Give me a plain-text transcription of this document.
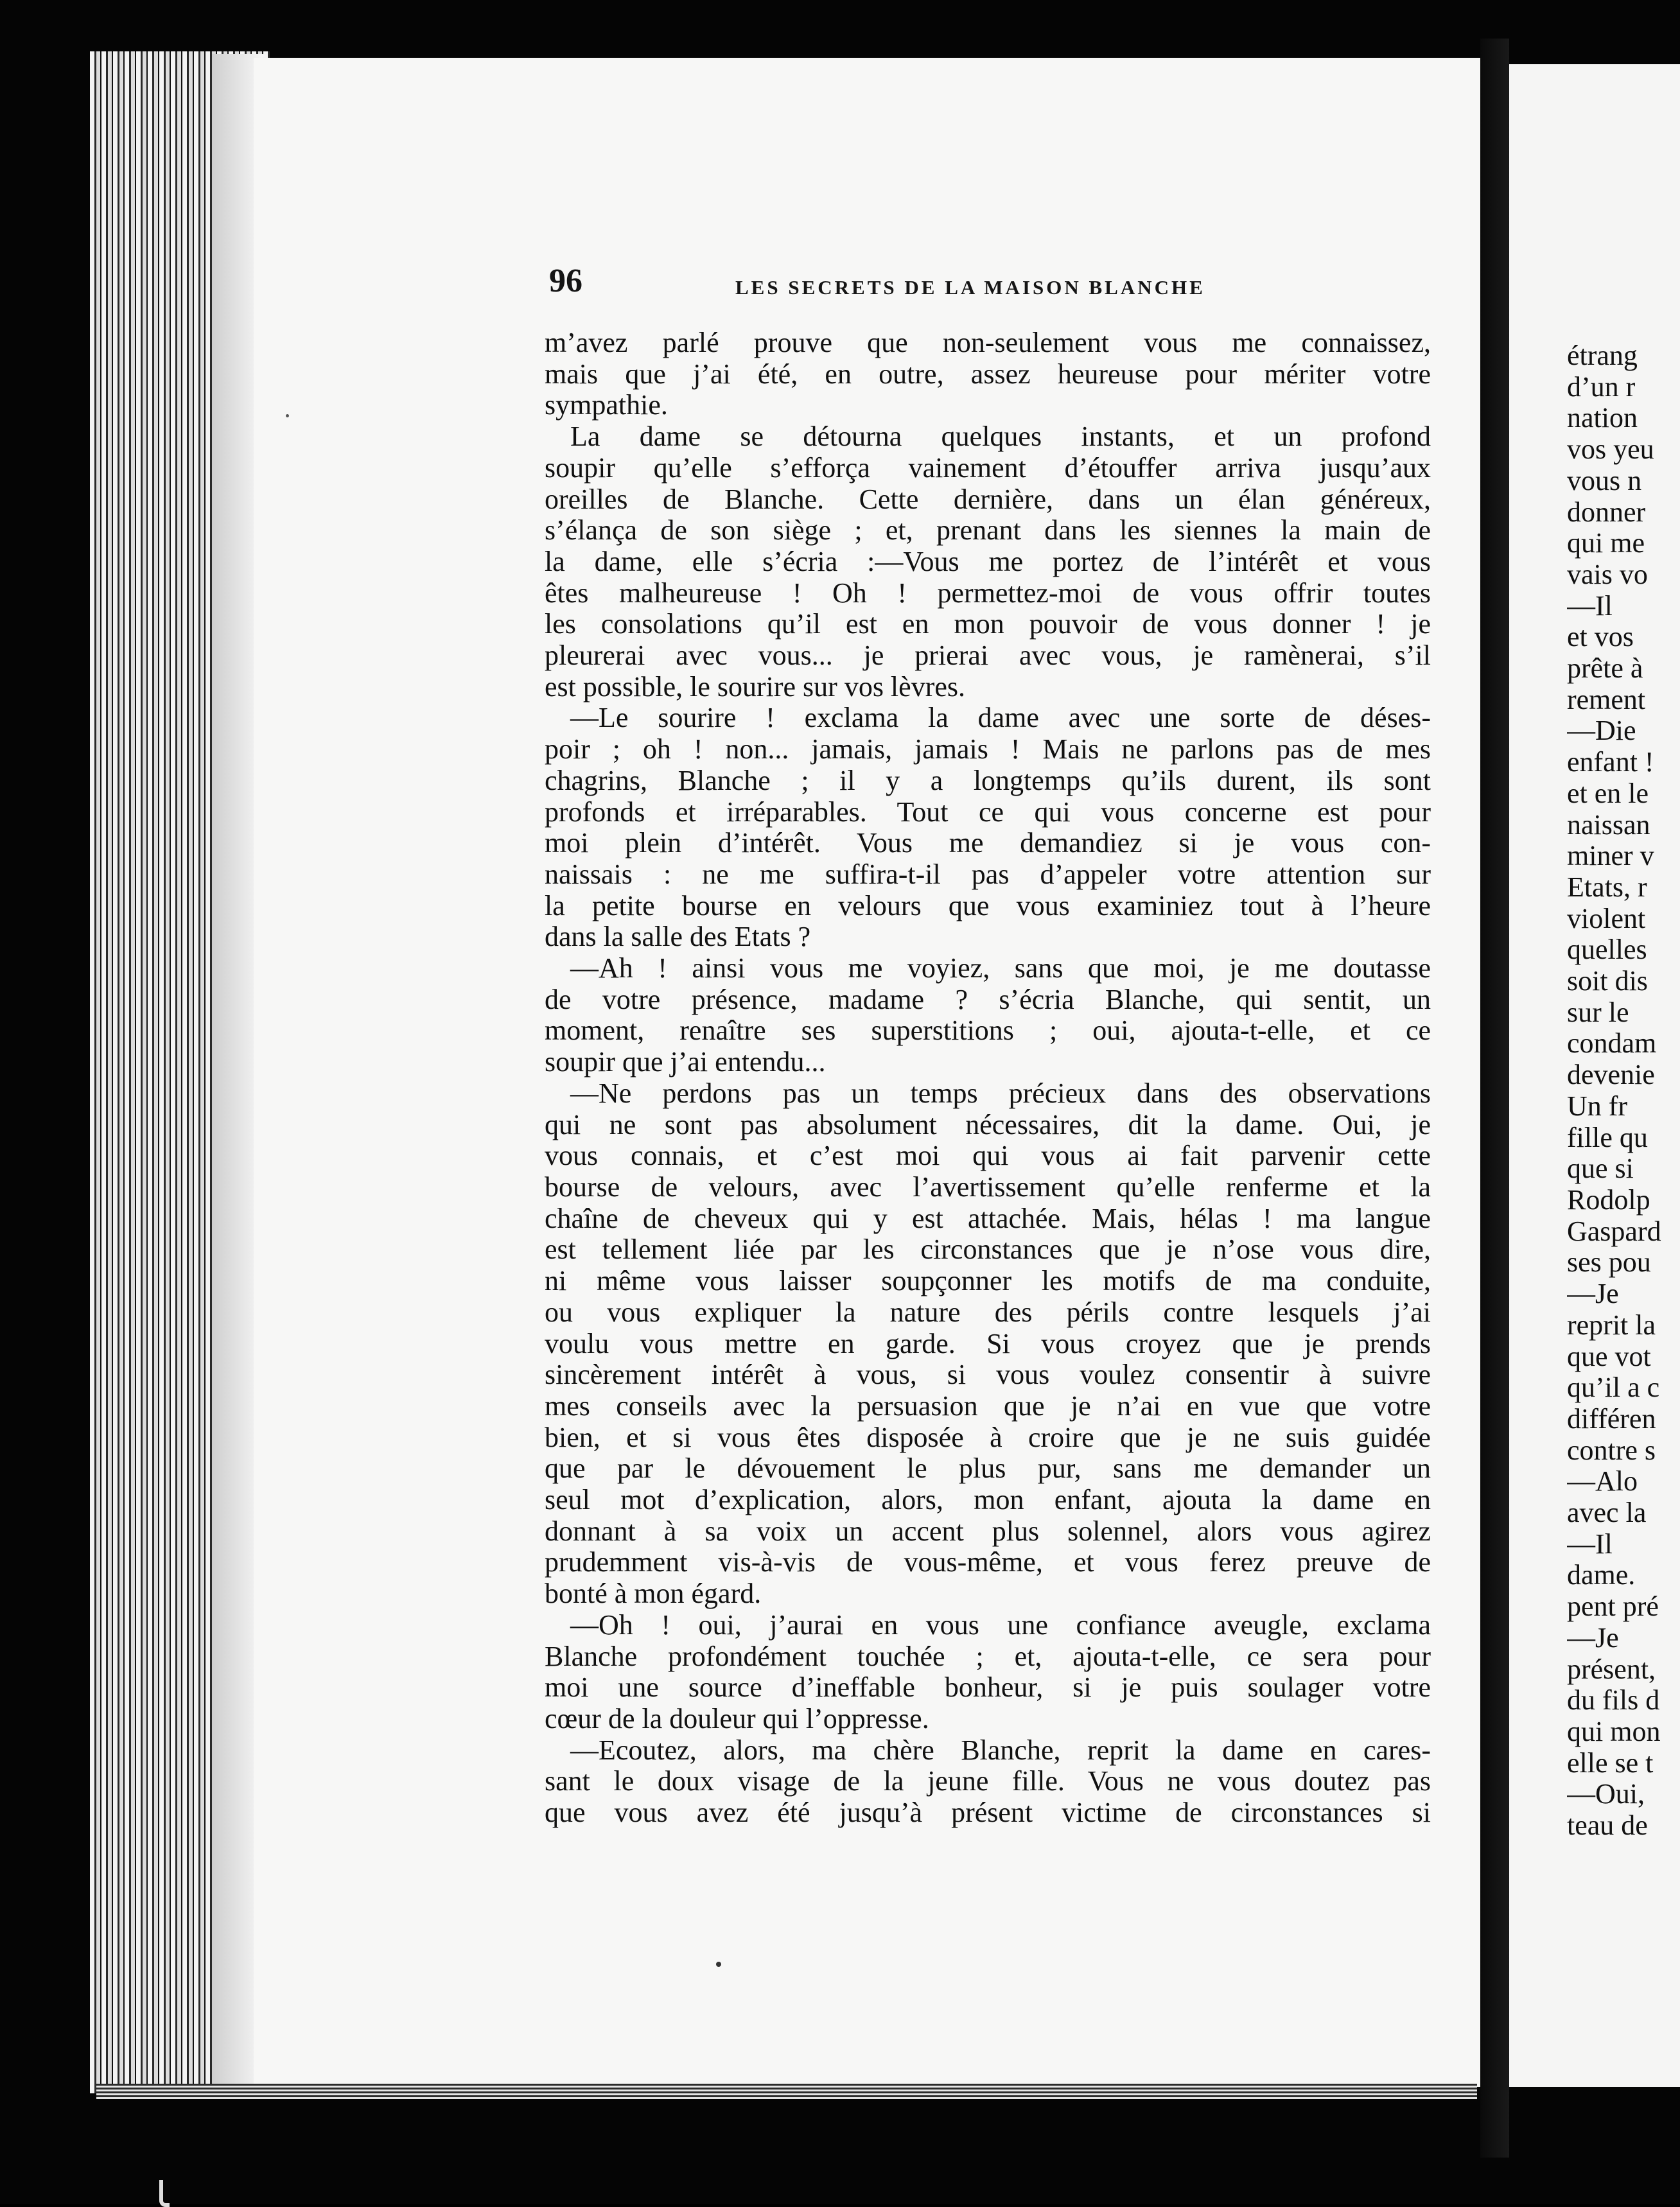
96	LES SECRETS DE LA MAISON BLANCHE
m’avez parlé prouve que non-seulement vous me connaissez,
mais que j’ai été, en outre, assez heureuse pour mériter votre
sympathie.
La dame se détourna quelques instants, et un profond
soupir qu’elle s’efforça vainement d’étouffer arriva jusqu’aux
oreilles de Blanche. Cette dernière, dans un élan généreux,
s’élança de son siège ; et, prenant dans les siennes la main de
la dame, elle s’écria :—Vous me portez de l’intérêt et vous
êtes malheureuse ! Oh ! permettez-moi de vous offrir toutes
les consolations qu’il est en mon pouvoir de vous donner ! je
pleurerai avec vous... je prierai avec vous, je ramènerai, s’il
est possible, le sourire sur vos lèvres.
—Le sourire ! exclama la dame avec une sorte de déses-
poir ; oh ! non... jamais, jamais ! Mais ne parlons pas de mes
chagrins, Blanche ; il y a longtemps qu’ils durent, ils sont
profonds et irréparables. Tout ce qui vous concerne est pour
moi plein d’intérêt. Vous me demandiez si je vous con-
naissais : ne me suffira-t-il pas d’appeler votre attention sur
la petite bourse en velours que vous examiniez tout à l’heure
dans la salle des Etats ?
—Ah ! ainsi vous me voyiez, sans que moi, je me doutasse
de votre présence, madame ? s’écria Blanche, qui sentit, un
moment, renaître ses superstitions ; oui, ajouta-t-elle, et ce
soupir que j’ai entendu...
—Ne perdons pas un temps précieux dans des observations
qui ne sont pas absolument nécessaires, dit la dame. Oui, je
vous connais, et c’est moi qui vous ai fait parvenir cette
bourse de velours, avec l’avertissement qu’elle renferme et la
chaîne de cheveux qui y est attachée. Mais, hélas ! ma langue
est tellement liée par les circonstances que je n’ose vous dire,
ni même vous laisser soupçonner les motifs de ma conduite,
ou vous expliquer la nature des périls contre lesquels j’ai
voulu vous mettre en garde. Si vous croyez que je prends
sincèrement intérêt à vous, si vous voulez consentir à suivre
mes conseils avec la persuasion que je n’ai en vue que votre
bien, et si vous êtes disposée à croire que je ne suis guidée
que par le dévouement le plus pur, sans me demander un
seul mot d’explication, alors, mon enfant, ajouta la dame en
donnant à sa voix un accent plus solennel, alors vous agirez
prudemment vis-à-vis de vous-même, et vous ferez preuve de
bonté à mon égard.
—Oh ! oui, j’aurai en vous une confiance aveugle, exclama
Blanche profondément touchée ; et, ajouta-t-elle, ce sera pour
moi une source d’ineffable bonheur, si je puis soulager votre
cœur de la douleur qui l’oppresse.
—Ecoutez, alors, ma chère Blanche, reprit la dame en cares-
sant le doux visage de la jeune fille. Vous ne vous doutez pas
que vous avez été jusqu’à présent victime de circonstances si
étrang
d’un r
nation
vos yeu
vous n
donner
qui me
vais vo
—Il
et vos
prête à
rement
—Die
enfant !
et en le
naissan
miner v
Etats, r
violent
quelles
soit dis
sur le
condam
devenie
Un fr
fille qu
que si
Rodolp
Gaspard
ses pou
—Je
reprit la
que vot
qu’il a c
différen
contre s
—Alo
avec la
—Il
dame.
pent pré
—Je
présent,
du fils d
qui mon
elle se t
—Oui,
teau de
